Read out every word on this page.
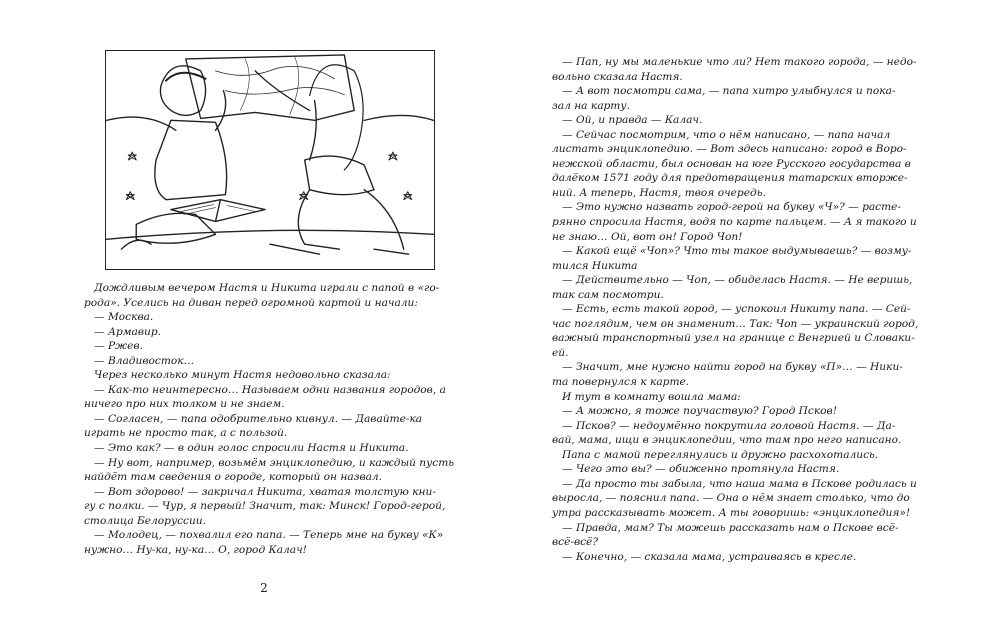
Дождливым вечером Настя и Никита играли с папой в «го-

рода». Уселись на диван перед огромной картой и начали:

— Москва.

— Армавир.

— Ржев.

— Владивосток…

Через несколько минут Настя недовольно сказала:

— Как-то неинтересно… Называем одни названия городов, а

ничего про них толком и не знаем.

— Согласен, — папа одобрительно кивнул. — Давайте-ка

играть не просто так, а с пользой.

— Это как? — в один голос спросили Настя и Никита.

— Ну вот, например, возьмём энциклопедию, и каждый пусть

найдёт там сведения о городе, который он назвал.

— Вот здорово! — закричал Никита, хватая толстую кни-

гу с полки. — Чур, я первый! Значит, так: Минск! Город-герой,

столица Белоруссии.

— Молодец, — похвалил его папа. — Теперь мне на букву «К»

нужно… Ну-ка, ну-ка… О, город Калач!

2

— Пап, ну мы маленькие что ли? Нет такого города, — недо-

вольно сказала Настя.

— А вот посмотри сама, — папа хитро улыбнулся и пока-

зал на карту.

— Ой, и правда — Калач.

— Сейчас посмотрим, что о нём написано, — папа начал

листать энциклопедию. — Вот здесь написано: город в Воро-

нежской области, был основан на юге Русского государства в

далёком 1571 году для предотвращения татарских вторже-

ний. А теперь, Настя, твоя очередь.

— Это нужно назвать город-герой на букву «Ч»? — расте-

рянно спросила Настя, водя по карте пальцем. — А я такого и

не знаю… Ой, вот он! Город Чоп!

— Какой ещё «Чоп»? Что ты такое выдумываешь? — возму-

тился Никита

— Действительно — Чоп, — обиделась Настя. — Не веришь,

так сам посмотри.

— Есть, есть такой город, — успокоил Никиту папа. — Сей-

час поглядим, чем он знаменит… Так: Чоп — украинский город,

важный транспортный узел на границе с Венгрией и Словаки-

ей.

— Значит, мне нужно найти город на букву «П»… — Ники-

та повернулся к карте.

И тут в комнату вошла мама:

— А можно, я тоже поучаствую? Город Псков!

— Псков? — недоумённо покрутила головой Настя. — Да-

вай, мама, ищи в энциклопедии, что там про него написано.

Папа с мамой переглянулись и дружно расхохотались.

— Чего это вы? — обиженно протянула Настя.

— Да просто ты забыла, что наша мама в Пскове родилась и

выросла, — пояснил папа. — Она о нём знает столько, что до

утра рассказывать может. А ты говоришь: «энциклопедия»!

— Правда, мам? Ты можешь рассказать нам о Пскове всё-

всё-всё?

— Конечно, — сказала мама, устраиваясь в кресле.
